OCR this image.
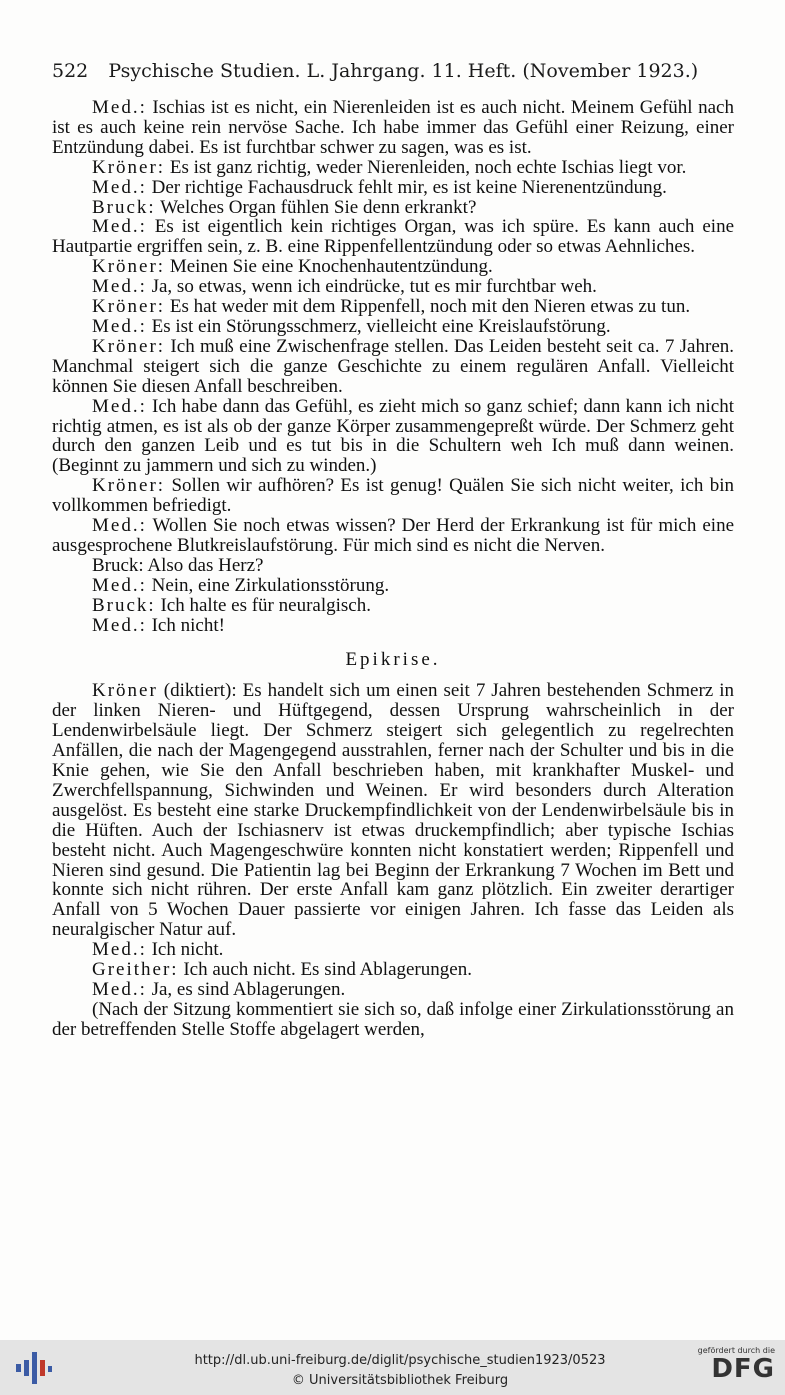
522 Psychische Studien. L. Jahrgang. 11. Heft. (November 1923.)

Med.: Ischias ist es nicht, ein Nierenleiden ist es auch nicht. Meinem Gefühl nach ist es auch keine rein nervöse Sache. Ich habe immer das Gefühl einer Reizung, einer Entzündung dabei. Es ist furchtbar schwer zu sagen, was es ist.

Kröner: Es ist ganz richtig, weder Nierenleiden, noch echte Ischias liegt vor.

Med.: Der richtige Fachausdruck fehlt mir, es ist keine Nierenentzündung.

Bruck: Welches Organ fühlen Sie denn erkrankt?

Med.: Es ist eigentlich kein richtiges Organ, was ich spüre. Es kann auch eine Hautpartie ergriffen sein, z. B. eine Rippenfellentzündung oder so etwas Aehnliches.

Kröner: Meinen Sie eine Knochenhautentzündung.

Med.: Ja, so etwas, wenn ich eindrücke, tut es mir furchtbar weh.

Kröner: Es hat weder mit dem Rippenfell, noch mit den Nieren etwas zu tun.

Med.: Es ist ein Störungsschmerz, vielleicht eine Kreislaufstörung.

Kröner: Ich muß eine Zwischenfrage stellen. Das Leiden besteht seit ca. 7 Jahren. Manchmal steigert sich die ganze Geschichte zu einem regulären Anfall. Vielleicht können Sie diesen Anfall beschreiben.

Med.: Ich habe dann das Gefühl, es zieht mich so ganz schief; dann kann ich nicht richtig atmen, es ist als ob der ganze Körper zusammengepreßt würde. Der Schmerz geht durch den ganzen Leib und es tut bis in die Schultern weh Ich muß dann weinen. (Beginnt zu jammern und sich zu winden.)

Kröner: Sollen wir aufhören? Es ist genug! Quälen Sie sich nicht weiter, ich bin vollkommen befriedigt.

Med.: Wollen Sie noch etwas wissen? Der Herd der Erkrankung ist für mich eine ausgesprochene Blutkreislaufstörung. Für mich sind es nicht die Nerven.

Bruck: Also das Herz?

Med.: Nein, eine Zirkulationsstörung.

Bruck: Ich halte es für neuralgisch.

Med.: Ich nicht!

Epikrise.

Kröner (diktiert): Es handelt sich um einen seit 7 Jahren bestehenden Schmerz in der linken Nieren- und Hüftgegend, dessen Ursprung wahrscheinlich in der Lendenwirbelsäule liegt. Der Schmerz steigert sich gelegentlich zu regelrechten Anfällen, die nach der Magengegend ausstrahlen, ferner nach der Schulter und bis in die Knie gehen, wie Sie den Anfall beschrieben haben, mit krankhafter Muskel- und Zwerchfellspannung, Sichwinden und Weinen. Er wird besonders durch Alteration ausgelöst. Es besteht eine starke Druckempfindlichkeit von der Lendenwirbelsäule bis in die Hüften. Auch der Ischiasnerv ist etwas druckempfindlich; aber typische Ischias besteht nicht. Auch Magengeschwüre konnten nicht konstatiert werden; Rippenfell und Nieren sind gesund. Die Patientin lag bei Beginn der Erkrankung 7 Wochen im Bett und konnte sich nicht rühren. Der erste Anfall kam ganz plötzlich. Ein zweiter derartiger Anfall von 5 Wochen Dauer passierte vor einigen Jahren. Ich fasse das Leiden als neuralgischer Natur auf.

Med.: Ich nicht.

Greither: Ich auch nicht. Es sind Ablagerungen.

Med.: Ja, es sind Ablagerungen.

(Nach der Sitzung kommentiert sie sich so, daß infolge einer Zirkulationsstörung an der betreffenden Stelle Stoffe abgelagert werden,

http://dl.ub.uni-freiburg.de/diglit/psychische_studien1923/0523
© Universitätsbibliothek Freiburg
gefördert durch die
DFG
